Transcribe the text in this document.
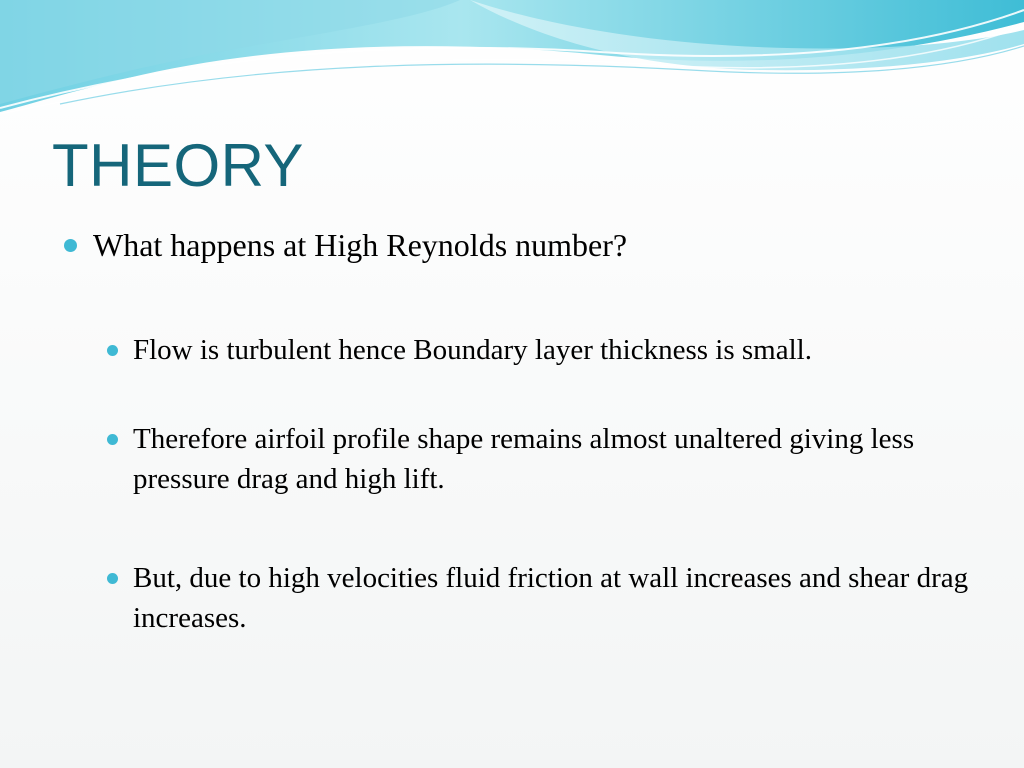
THEORY
What happens at High Reynolds number?
Flow is turbulent hence Boundary layer thickness is small.
Therefore airfoil profile shape remains almost unaltered giving less pressure drag and high lift.
But, due to high velocities fluid friction at wall increases and shear drag increases.
